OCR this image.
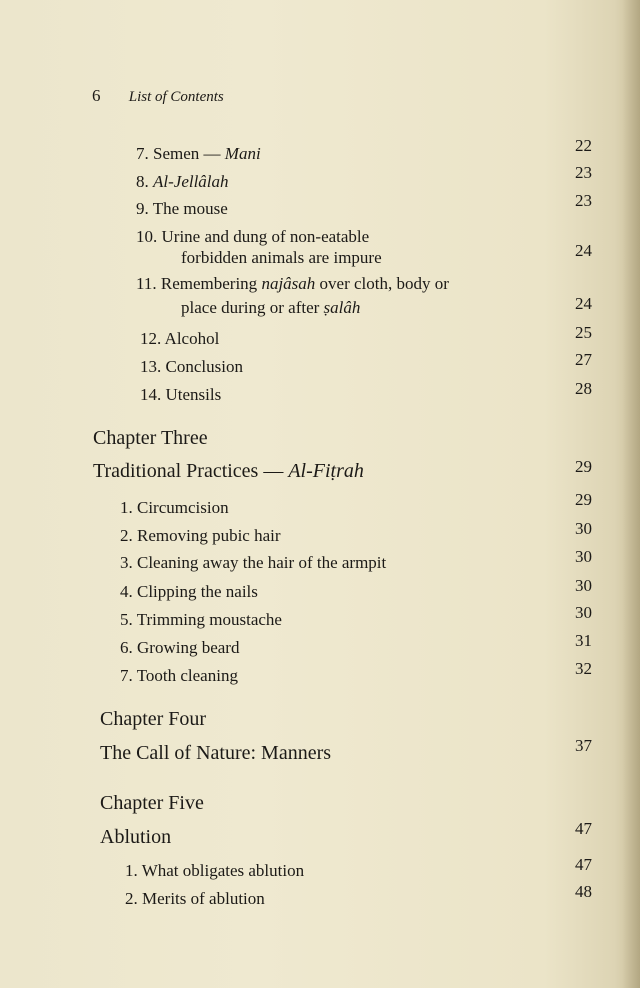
6 List of Contents
7. Semen — Mani	22
8. Al-Jellâlah	23
9. The mouse	23
10. Urine and dung of non-eatable
forbidden animals are impure	24
11. Remembering najâsah over cloth, body or
place during or after ṣalâh	24
12. Alcohol	25
13. Conclusion	27
14. Utensils	28
Chapter Three
Traditional Practices — Al-Fiṭrah	29
1. Circumcision	29
2. Removing pubic hair	30
3. Cleaning away the hair of the armpit	30
4. Clipping the nails	30
5. Trimming moustache	30
6. Growing beard	31
7. Tooth cleaning	32
Chapter Four
The Call of Nature: Manners	37
Chapter Five
Ablution	47
1. What obligates ablution	47
2. Merits of ablution	48
